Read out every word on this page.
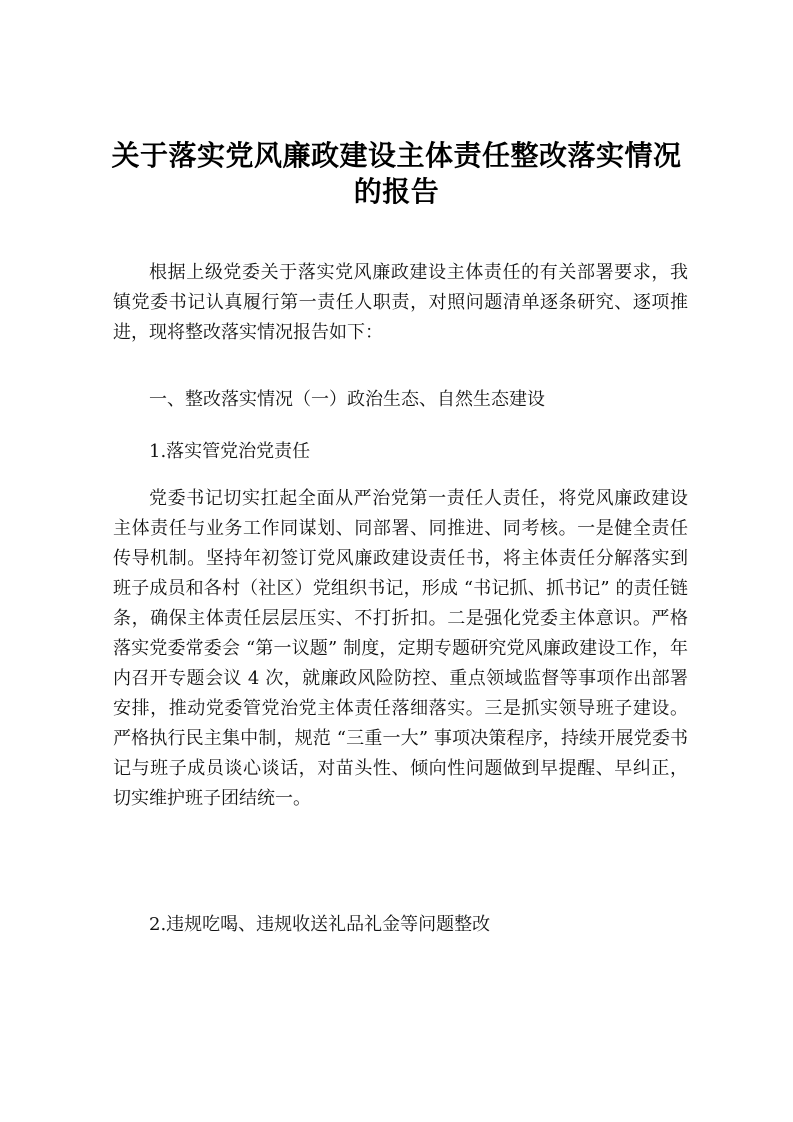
关于落实党风廉政建设主体责任整改落实情况
的报告

根据上级党委关于落实党风廉政建设主体责任的有关部署要求，我镇党委书记认真履行第一责任人职责，对照问题清单逐条研究、逐项推进，现将整改落实情况报告如下：

一、整改落实情况（一）政治生态、自然生态建设

1.落实管党治党责任

党委书记切实扛起全面从严治党第一责任人责任，将党风廉政建设主体责任与业务工作同谋划、同部署、同推进、同考核。一是健全责任传导机制。坚持年初签订党风廉政建设责任书，将主体责任分解落实到班子成员和各村（社区）党组织书记，形成 “书记抓、抓书记” 的责任链条，确保主体责任层层压实、不打折扣。二是强化党委主体意识。严格落实党委常委会 “第一议题” 制度，定期专题研究党风廉政建设工作，年内召开专题会议 4 次，就廉政风险防控、重点领域监督等事项作出部署安排，推动党委管党治党主体责任落细落实。三是抓实领导班子建设。严格执行民主集中制，规范 “三重一大” 事项决策程序，持续开展党委书记与班子成员谈心谈话，对苗头性、倾向性问题做到早提醒、早纠正，切实维护班子团结统一。

2.违规吃喝、违规收送礼品礼金等问题整改
